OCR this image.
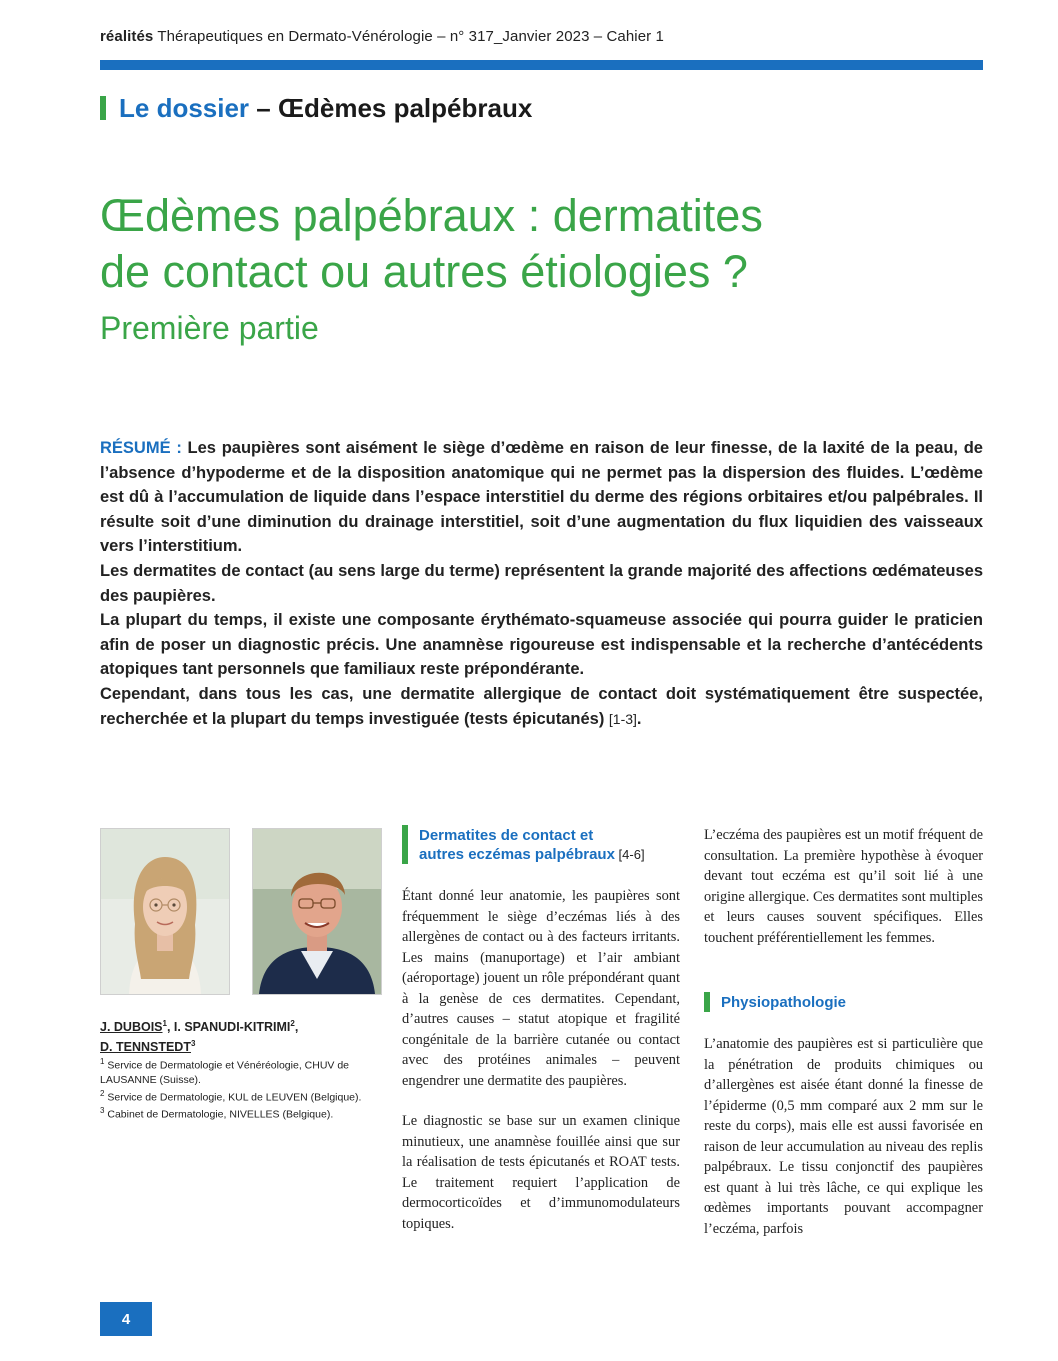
réalités Thérapeutiques en Dermato-Vénérologie – n° 317_Janvier 2023 – Cahier 1
Le dossier – Œdèmes palpébraux
Œdèmes palpébraux : dermatites
de contact ou autres étiologies ?
Première partie

RÉSUMÉ : Les paupières sont aisément le siège d’œdème en raison de leur finesse, de la laxité de la peau, de l’absence d’hypoderme et de la disposition anatomique qui ne permet pas la dispersion des fluides. L’œdème est dû à l’accumulation de liquide dans l’espace interstitiel du derme des régions orbitaires et/ou palpébrales. Il résulte soit d’une diminution du drainage interstitiel, soit d’une augmentation du flux liquidien des vaisseaux vers l’interstitium.

Les dermatites de contact (au sens large du terme) représentent la grande majorité des affections œdémateuses des paupières.

La plupart du temps, il existe une composante érythémato-squameuse associée qui pourra guider le praticien afin de poser un diagnostic précis. Une anamnèse rigoureuse est indispensable et la recherche d’antécédents atopiques tant personnels que familiaux reste prépondérante.

Cependant, dans tous les cas, une dermatite allergique de contact doit systématiquement être suspectée, recherchée et la plupart du temps investiguée (tests épicutanés) [1-3].

J. DUBOIS$^1$, I. SPANUDI-KITRIMI$^2$,
D. TENNSTEDT$^3$
$^1$ Service de Dermatologie et Vénéréologie, CHUV de LAUSANNE (Suisse).
$^2$ Service de Dermatologie, KUL de LEUVEN (Belgique).
$^3$ Cabinet de Dermatologie, NIVELLES (Belgique).
Dermatites de contact et
autres eczémas palpébraux [4-6]

Étant donné leur anatomie, les paupières sont fréquemment le siège d’eczémas liés à des allergènes de contact ou à des facteurs irritants. Les mains (manuportage) et l’air ambiant (aéroportage) jouent un rôle prépondérant quant à la genèse de ces dermatites. Cependant, d’autres causes – statut atopique et fragilité congénitale de la barrière cutanée ou contact avec des protéines animales – peuvent engendrer une dermatite des paupières.

Le diagnostic se base sur un examen clinique minutieux, une anamnèse fouillée ainsi que sur la réalisation de tests épicutanés et ROAT tests. Le traitement requiert l’application de dermocorticoïdes et d’immunomodulateurs topiques.

L’eczéma des paupières est un motif fréquent de consultation. La première hypothèse à évoquer devant tout eczéma est qu’il soit lié à une origine allergique. Ces dermatites sont multiples et leurs causes souvent spécifiques. Elles touchent préférentiellement les femmes.

Physiopathologie

L’anatomie des paupières est si particulière que la pénétration de produits chimiques ou d’allergènes est aisée étant donné la finesse de l’épiderme (0,5 mm comparé aux 2 mm sur le reste du corps), mais elle est aussi favorisée en raison de leur accumulation au niveau des replis palpébraux. Le tissu conjonctif des paupières est quant à lui très lâche, ce qui explique les œdèmes importants pouvant accompagner l’eczéma, parfois

4
